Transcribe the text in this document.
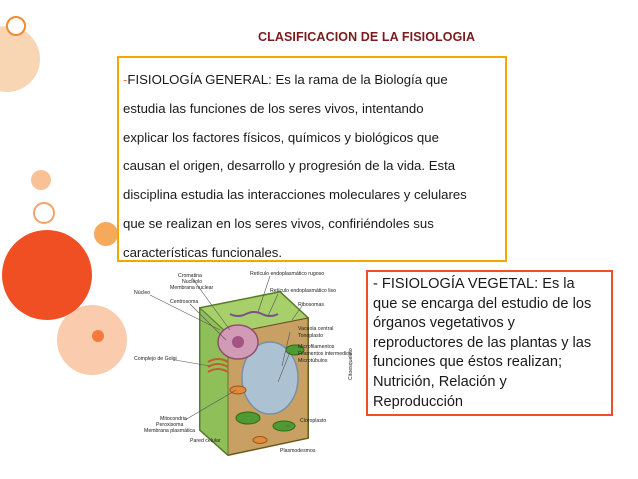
CLASIFICACION DE LA FISIOLOGIA

-FISIOLOGÍA GENERAL: Es la rama de la Biología que

estudia las funciones de los seres vivos, intentando

explicar los factores físicos, químicos y biológicos que

causan el origen, desarrollo y progresión de la vida. Esta

disciplina estudia las interacciones moleculares y celulares

que se realizan en los seres vivos, confiriéndoles sus

características funcionales.

Núcleo
Cromatina
Nucléolo
Membrana nuclear
Centrosoma
Retículo endoplasmático rugoso
Retículo endoplasmático liso
Ribosomas
Complejo de Golgi
Vacuola central
Tonoplasto
Microfilamentos
Filamentos intermedios
Microtúbulos
Mitocondria
Peroxisoma
Membrana plasmática
Pared celular
Cloroplasto
Plasmodesmos
Citoesqueleto

- FISIOLOGÍA VEGETAL: Es la

que se encarga del estudio de los

órganos vegetativos y

reproductores de las plantas y las

funciones que éstos realizan;

Nutrición, Relación y

Reproducción
